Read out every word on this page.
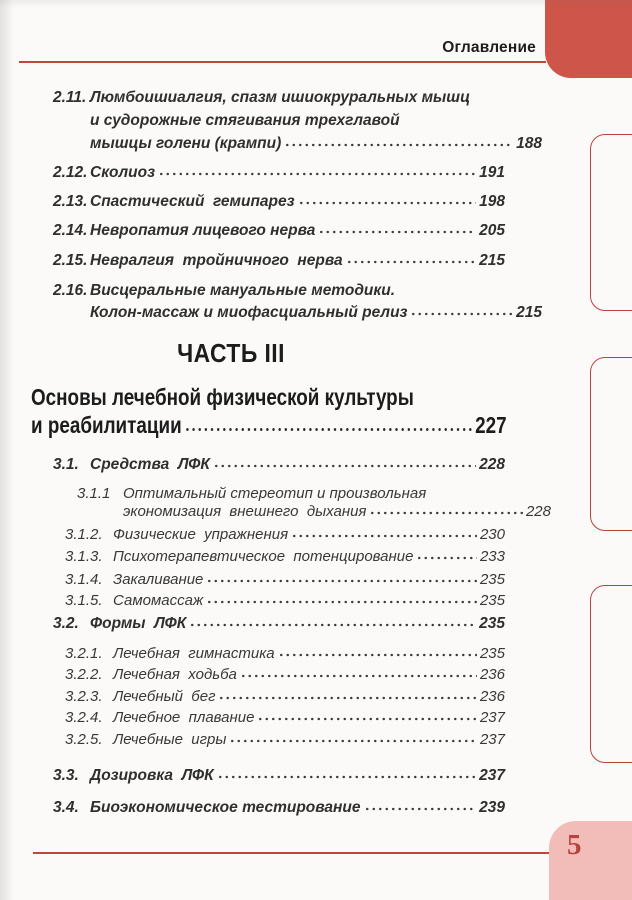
5
Оглавление
2.11. Люмбоишиалгия, спазм ишиокруральных мышц
и судорожные стягивания трехглавой
мышцы голени (крампи)	188
2.12. Сколиоз	191
2.13. Спастический  гемипарез	198
2.14. Невропатия лицевого нерва	205
2.15. Невралгия  тройничного  нерва	215
2.16. Висцеральные мануальные методики.
Колон-массаж и миофасциальный релиз	215
ЧАСТЬ III
Основы лечебной физической культуры
и реабилитации	227
3.1. Средства  ЛФК	228
3.1.1 Оптимальный стереотип и произвольная
экономизация  внешнего  дыхания	228
3.1.2. Физические  упражнения	230
3.1.3. Психотерапевтическое  потенцирование	233
3.1.4. Закаливание	235
3.1.5. Самомассаж	235
3.2. Формы  ЛФК	235
3.2.1. Лечебная  гимнастика	235
3.2.2. Лечебная  ходьба	236
3.2.3. Лечебный  бег	236
3.2.4. Лечебное  плавание	237
3.2.5. Лечебные  игры	237
3.3. Дозировка  ЛФК	237
3.4. Биоэкономическое тестирование	239
